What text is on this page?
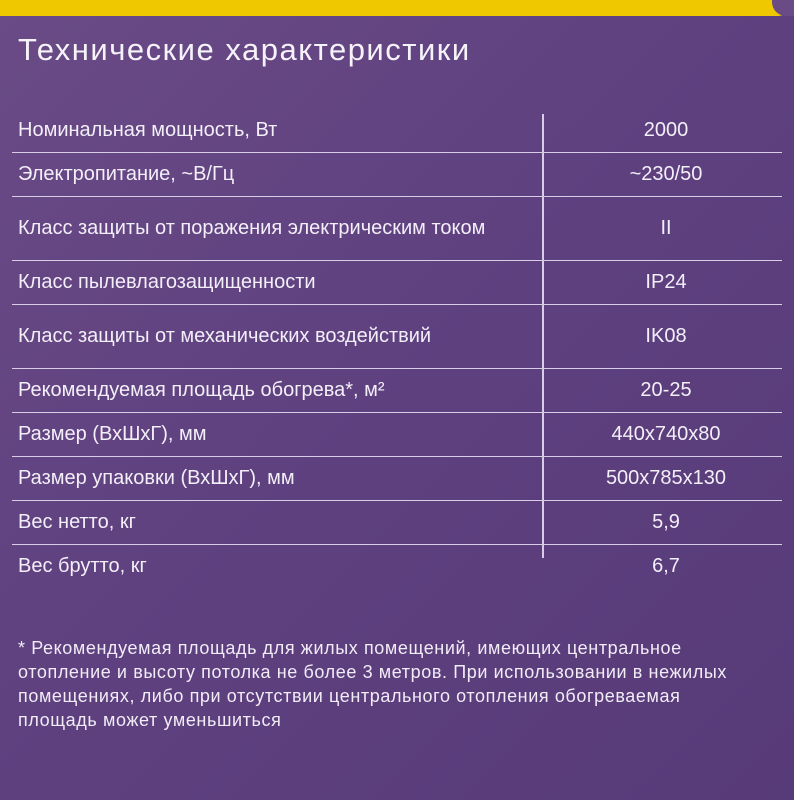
Технические характеристики
Номинальная мощность, Вт	2000
Электропитание, ~В/Гц	~230/50
Класс защиты от поражения электрическим током	II
Класс пылевлагозащищенности	IP24
Класс защиты от механических воздействий	IK08
Рекомендуемая площадь обогрева*, м²	20-25
Размер (ВхШхГ), мм	440x740x80
Размер упаковки (ВхШхГ), мм	500x785x130
Вес нетто, кг	5,9
Вес брутто, кг	6,7

* Рекомендуемая площадь для жилых помещений, имеющих центральное отопление и высоту потолка не более 3 метров. При использовании в нежилых помещениях, либо при отсутствии центрального отопления обогреваемая площадь может уменьшиться
